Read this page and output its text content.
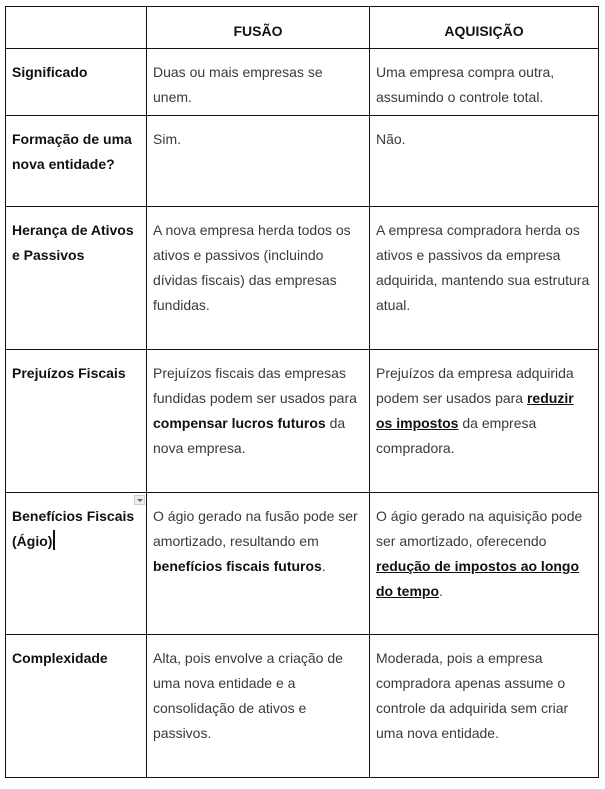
	FUSÃO	AQUISIÇÃO

Significado	Duas ou mais empresas se unem.	Uma empresa compra outra, assumindo o controle total.

Formação de uma nova entidade?	Sim.	Não.

Herança de Ativos e Passivos	A nova empresa herda todos os ativos e passivos (incluindo dívidas fiscais) das empresas fundidas.	A empresa compradora herda os ativos e passivos da empresa adquirida, mantendo sua estrutura atual.

Prejuízos Fiscais	Prejuízos fiscais das empresas fundidas podem ser usados para compensar lucros futuros da nova empresa.	Prejuízos da empresa adquirida podem ser usados para reduzir os impostos da empresa compradora.

Benefícios Fiscais (Ágio)	O ágio gerado na fusão pode ser amortizado, resultando em benefícios fiscais futuros.	O ágio gerado na aquisição pode ser amortizado, oferecendo redução de impostos ao longo do tempo.

Complexidade	Alta, pois envolve a criação de uma nova entidade e a consolidação de ativos e passivos.	Moderada, pois a empresa compradora apenas assume o controle da adquirida sem criar uma nova entidade.
